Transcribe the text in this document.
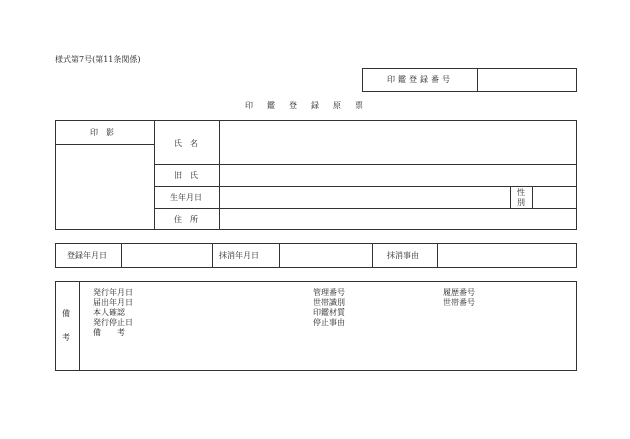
様式第7号(第11条関係)
印鑑登録番号
印　鑑　登　録　原　票
印　影
氏　名
旧　氏
生年月日
性
別
住　所
登録年月日	抹消年月日	抹消事由
備
考
発行年月日
届出年月日
本人確認
発行停止日
備　　考
管理番号
世帯識別
印鑑材質
停止事由
履歴番号
世帯番号
